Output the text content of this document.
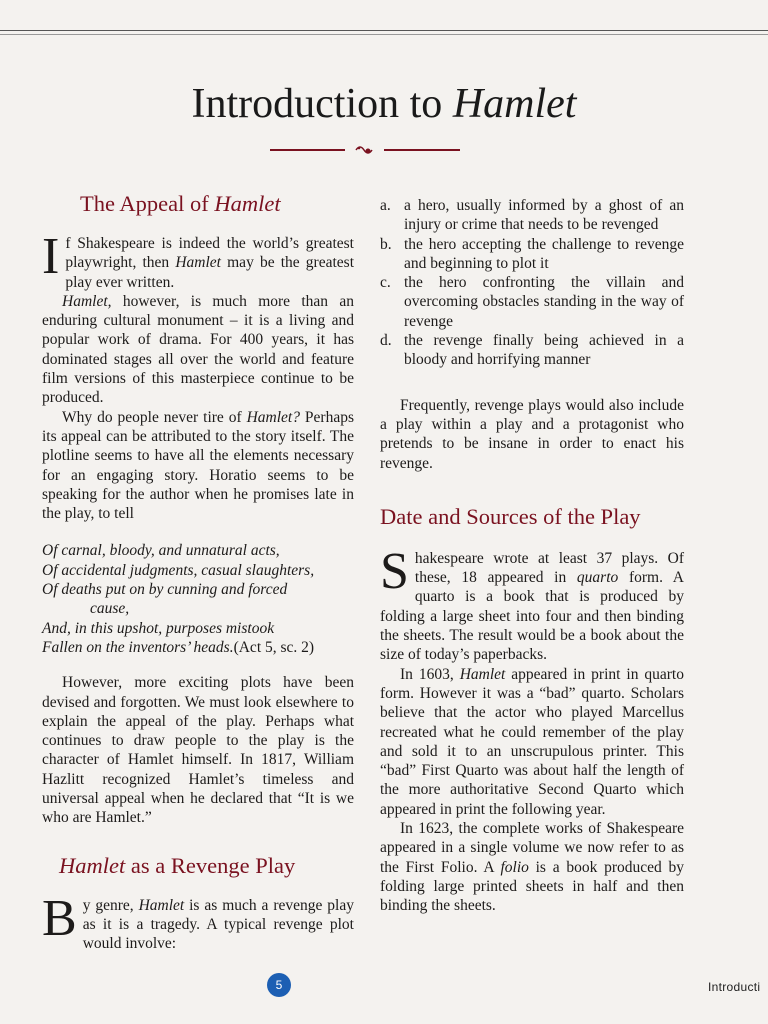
Introduction to Hamlet
The Appeal of Hamlet

If Shakespeare is indeed the world’s greatest playwright, then Hamlet may be the greatest play ever written.

Hamlet, however, is much more than an enduring cultural monument – it is a living and popular work of drama. For 400 years, it has dominated stages all over the world and feature film versions of this masterpiece continue to be produced.

Why do people never tire of Hamlet? Perhaps its appeal can be attributed to the story itself. The plotline seems to have all the elements necessary for an engaging story. Horatio seems to be speaking for the author when he promises late in the play, to tell

Of carnal, bloody, and unnatural acts,
Of accidental judgments, casual slaughters,
Of deaths put on by cunning and forced
cause,
And, in this upshot, purposes mistook
Fallen on the inventors’ heads.(Act 5, sc. 2)

However, more exciting plots have been devised and forgotten. We must look elsewhere to explain the appeal of the play. Perhaps what continues to draw people to the play is the character of Hamlet himself. In 1817, William Hazlitt recognized Hamlet’s timeless and universal appeal when he declared that “It is we who are Hamlet.”

Hamlet as a Revenge Play

By genre, Hamlet is as much a revenge play as it is a tragedy. A typical revenge plot would involve:

a. a hero, usually informed by a ghost of an injury or crime that needs to be revenged
b. the hero accepting the challenge to revenge and beginning to plot it
c. the hero confronting the villain and overcoming obstacles standing in the way of revenge
d. the revenge finally being achieved in a bloody and horrifying manner

Frequently, revenge plays would also include a play within a play and a protagonist who pretends to be insane in order to enact his revenge.

Date and Sources of the Play

Shakespeare wrote at least 37 plays. Of these, 18 appeared in quarto form. A quarto is a book that is produced by folding a large sheet into four and then binding the sheets. The result would be a book about the size of today’s paperbacks.

In 1603, Hamlet appeared in print in quarto form. However it was a “bad” quarto. Scholars believe that the actor who played Marcellus recreated what he could remember of the play and sold it to an unscrupulous printer. This “bad” First Quarto was about half the length of the more authoritative Second Quarto which appeared in print the following year.

In 1623, the complete works of Shakespeare appeared in a single volume we now refer to as the First Folio. A folio is a book produced by folding large printed sheets in half and then binding the sheets.

5	Introducti
